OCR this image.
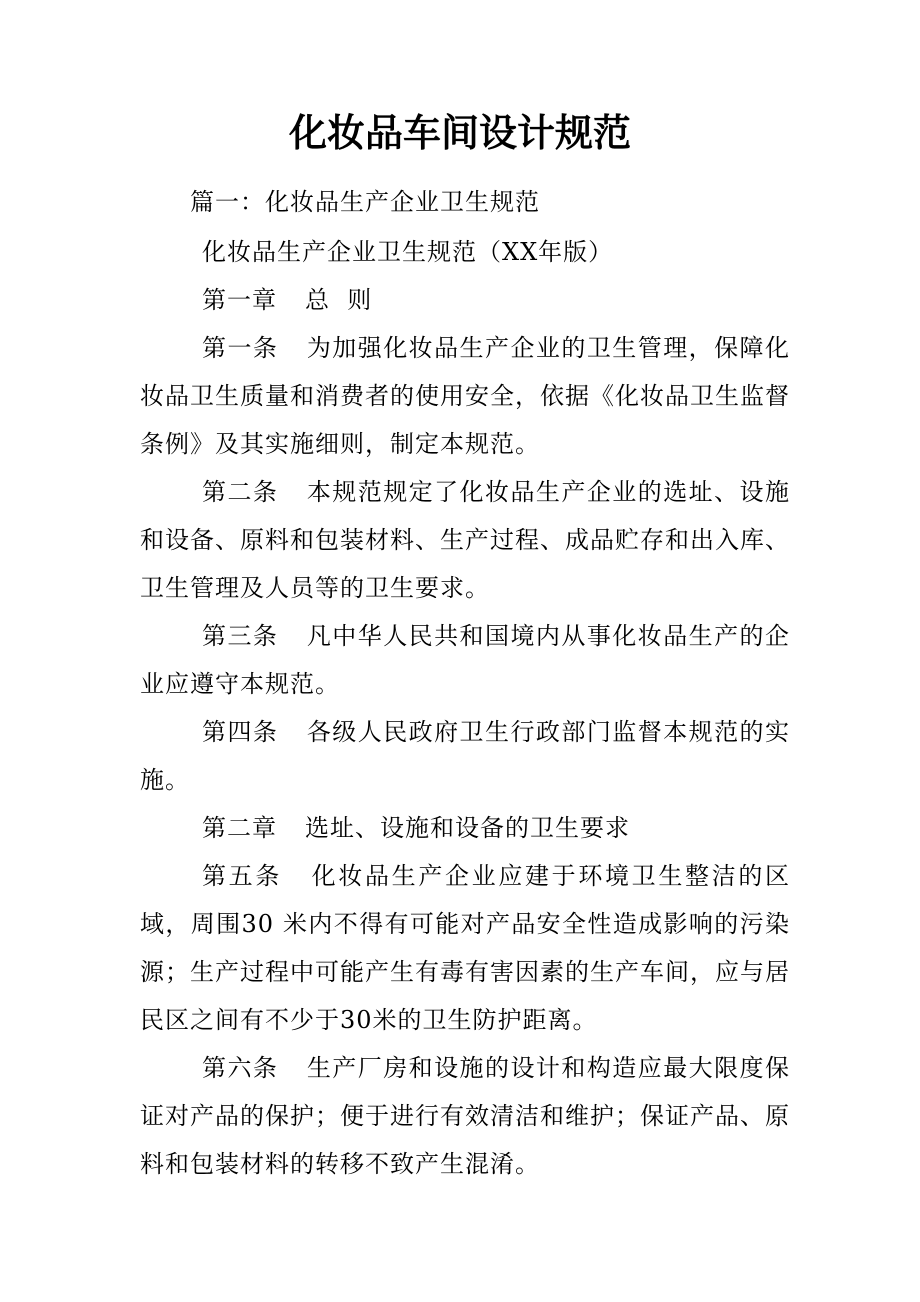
化妆品车间设计规范

篇一：化妆品生产企业卫生规范

化妆品生产企业卫生规范（XX年版）

第一章 总  则

第一条 为加强化妆品生产企业的卫生管理，保障化妆品卫生质量和消费者的使用安全，依据《化妆品卫生监督条例》及其实施细则，制定本规范。

第二条 本规范规定了化妆品生产企业的选址、设施和设备、原料和包装材料、生产过程、成品贮存和出入库、卫生管理及人员等的卫生要求。

第三条 凡中华人民共和国境内从事化妆品生产的企业应遵守本规范。

第四条 各级人民政府卫生行政部门监督本规范的实施。

第二章 选址、设施和设备的卫生要求

第五条 化妆品生产企业应建于环境卫生整洁的区域，周围30 米内不得有可能对产品安全性造成影响的污染源；生产过程中可能产生有毒有害因素的生产车间，应与居民区之间有不少于30米的卫生防护距离。

第六条 生产厂房和设施的设计和构造应最大限度保证对产品的保护；便于进行有效清洁和维护；保证产品、原料和包装材料的转移不致产生混淆。
